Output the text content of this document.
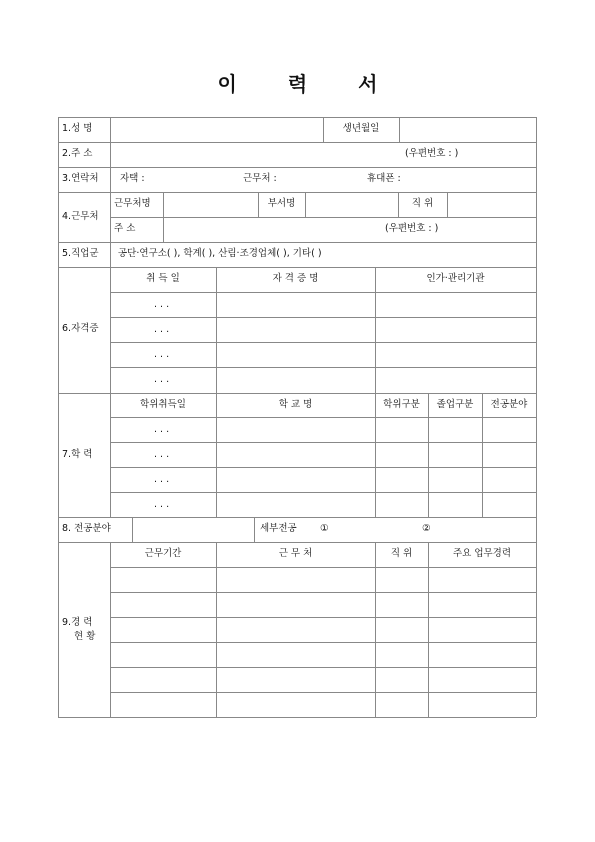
이	력	서
1.성 명	생년월일
2.주 소	(우편번호 : )
3.연락처 자택 :	근무처 :	휴대폰 :
4.근무처
근무처명	부서명	직 위
주 소	(우편번호 : )
5.직업군 공단·연구소( ), 학계( ), 산림·조경업체( ), 기타( )
6.자격증
취 득 일	자 격 증 명	인가·관리기관
. . .
. . .
. . .
. . .
7.학 력
학위취득일	학 교 명	학위구분	졸업구분	전공분야
. . .
. . .
. . .
. . .
8. 전공분야	세부전공 ①	②
9.경 력
현 황
근무기간	근 무 처	직 위	주요 업무경력
